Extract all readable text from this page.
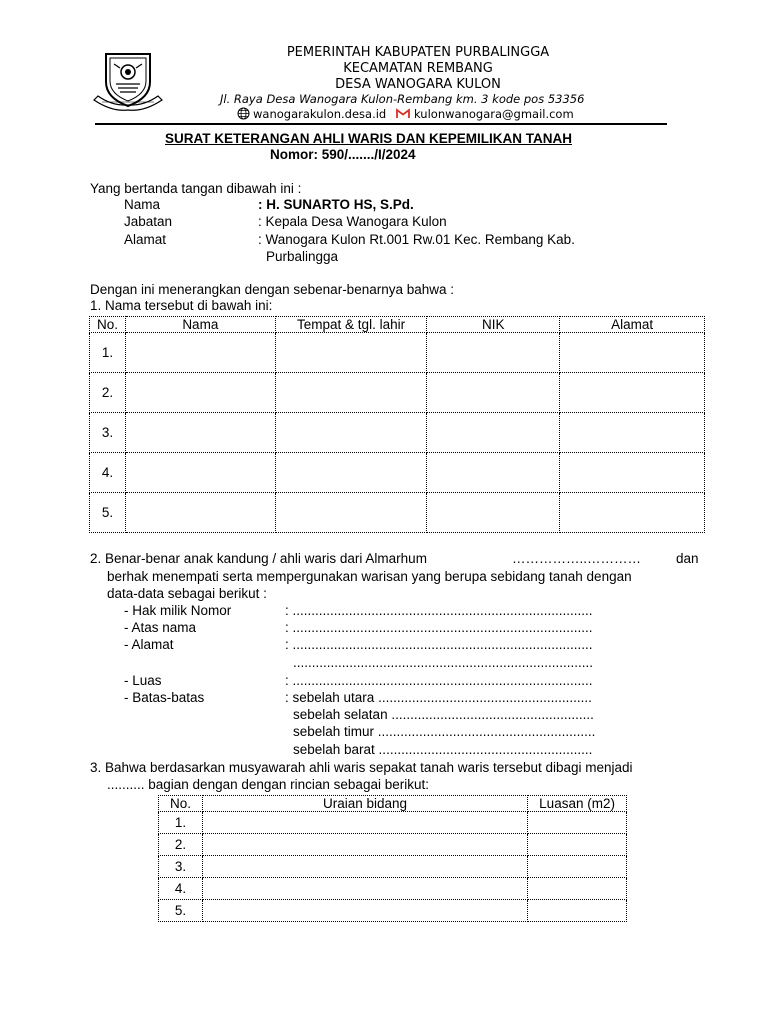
PEMERINTAH KABUPATEN PURBALINGGA
KECAMATAN REMBANG
DESA WANOGARA KULON
Jl. Raya Desa Wanogara Kulon-Rembang km. 3 kode pos 53356
wanogarakulon.desa.id kulonwanogara@gmail.com
SURAT KETERANGAN AHLI WARIS DAN KEPEMILIKAN TANAH
Nomor: 590/......./I/2024
Yang bertanda tangan dibawah ini :
Nama	: H. SUNARTO HS, S.Pd.
Jabatan	: Kepala Desa Wanogara Kulon
Alamat	: Wanogara Kulon Rt.001 Rw.01 Kec. Rembang Kab.
Purbalingga
Dengan ini menerangkan dengan sebenar-benarnya bahwa :
1. Nama tersebut di bawah ini:
No.	Nama	Tempat & tgl. lahir	NIK	Alamat
1.				
2.				
3.				
4.				
5.				
2. Benar-benar anak kandung / ahli waris dari Almarhum	……………..…………	dan
berhak menempati serta mempergunakan warisan yang berupa sebidang tanah dengan
data-data sebagai berikut :
- Hak milik Nomor	: ................................................................................
- Atas nama	: ................................................................................
- Alamat	: ................................................................................
................................................................................
- Luas	: ................................................................................
- Batas-batas	: sebelah utara .........................................................
sebelah selatan ......................................................
sebelah timur ..........................................................
sebelah barat .........................................................
3. Bahwa berdasarkan musyawarah ahli waris sepakat tanah waris tersebut dibagi menjadi
.......... bagian dengan dengan rincian sebagai berikut:
No.	Uraian bidang	Luasan (m2)
1.		
2.		
3.		
4.		
5.		
